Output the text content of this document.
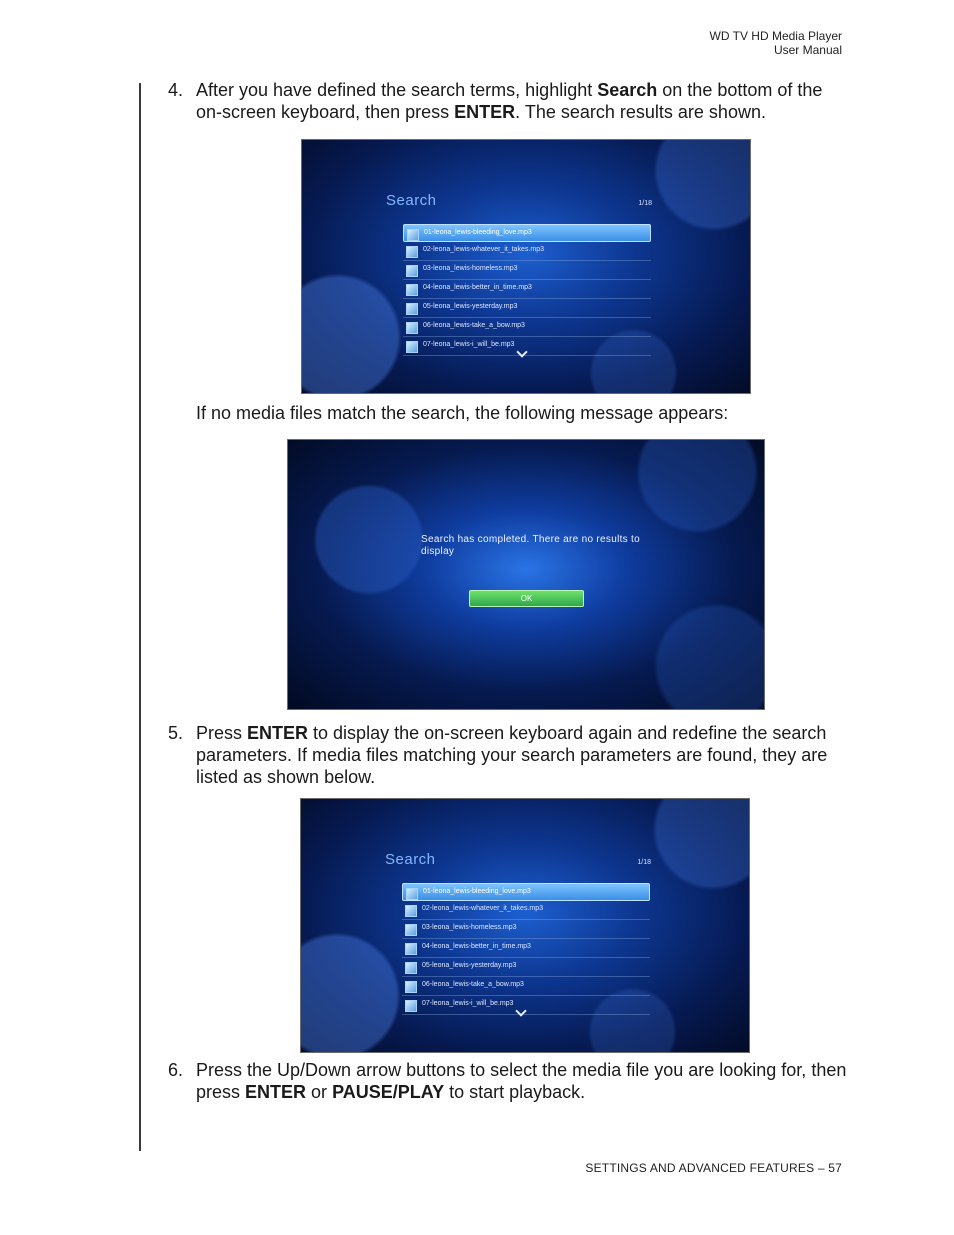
WD TV HD Media Player
User Manual
4. After you have defined the search terms, highlight Search on the bottom of the on-screen keyboard, then press ENTER. The search results are shown.
Search	1/18
01-leona_lewis-bleeding_love.mp3
02-leona_lewis-whatever_it_takes.mp3
03-leona_lewis-homeless.mp3
04-leona_lewis-better_in_time.mp3
05-leona_lewis-yesterday.mp3
06-leona_lewis-take_a_bow.mp3
07-leona_lewis-i_will_be.mp3
If no media files match the search, the following message appears:
Search has completed. There are no results to display
OK
5. Press ENTER to display the on-screen keyboard again and redefine the search parameters. If media files matching your search parameters are found, they are listed as shown below.
Search	1/18
01-leona_lewis-bleeding_love.mp3
02-leona_lewis-whatever_it_takes.mp3
03-leona_lewis-homeless.mp3
04-leona_lewis-better_in_time.mp3
05-leona_lewis-yesterday.mp3
06-leona_lewis-take_a_bow.mp3
07-leona_lewis-i_will_be.mp3
6. Press the Up/Down arrow buttons to select the media file you are looking for, then press ENTER or PAUSE/PLAY to start playback.
SETTINGS AND ADVANCED FEATURES – 57
